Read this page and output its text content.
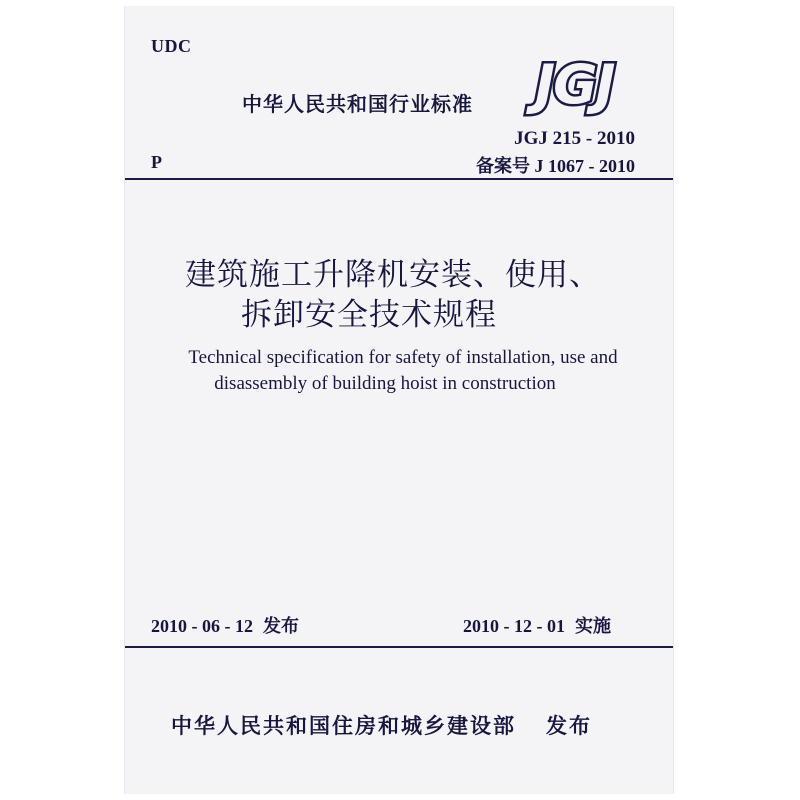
UDC
中华人民共和国行业标准 JGJ
JGJ 215 - 2010
P	备案号 J 1067 - 2010
建筑施工升降机安装、使用、
拆卸安全技术规程
Technical specification for safety of installation, use and
disassembly of building hoist in construction
2010 - 06 - 12 发布	2010 - 12 - 01 实施
中华人民共和国住房和城乡建设部 发布
